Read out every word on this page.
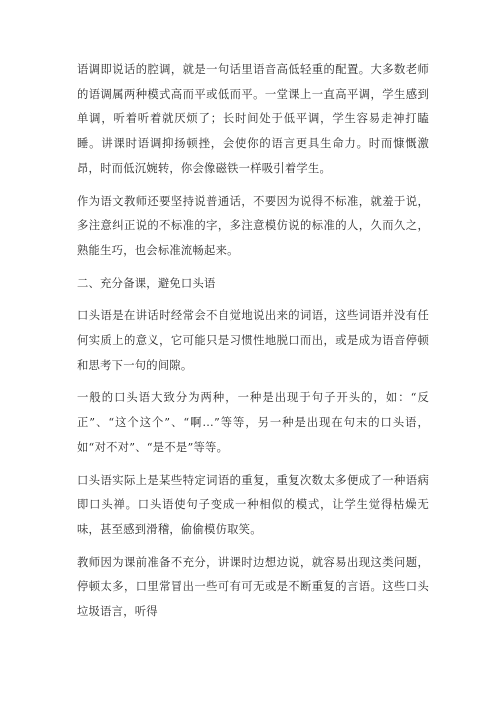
语调即说话的腔调，就是一句话里语音高低轻重的配置。大多数老师的语调属两种模式高而平或低而平。一堂课上一直高平调，学生感到单调，听着听着就厌烦了；长时间处于低平调，学生容易走神打瞌睡。讲课时语调抑扬顿挫，会使你的语言更具生命力。时而慷慨激昂，时而低沉婉转，你会像磁铁一样吸引着学生。

作为语文教师还要坚持说普通话，不要因为说得不标准，就羞于说，多注意纠正说的不标准的字，多注意模仿说的标准的人，久而久之，熟能生巧，也会标准流畅起来。

二、充分备课，避免口头语

口头语是在讲话时经常会不自觉地说出来的词语，这些词语并没有任何实质上的意义，它可能只是习惯性地脱口而出，或是成为语音停顿和思考下一句的间隙。

一般的口头语大致分为两种，一种是出现于句子开头的，如：“反正”、“这个这个”、“啊…”等等，另一种是出现在句末的口头语，如“对不对”、“是不是”等等。

口头语实际上是某些特定词语的重复，重复次数太多便成了一种语病即口头禅。口头语使句子变成一种相似的模式，让学生觉得枯燥无味，甚至感到滑稽，偷偷模仿取笑。

教师因为课前准备不充分，讲课时边想边说，就容易出现这类问题，停顿太多，口里常冒出一些可有可无或是不断重复的言语。这些口头垃圾语言，听得
